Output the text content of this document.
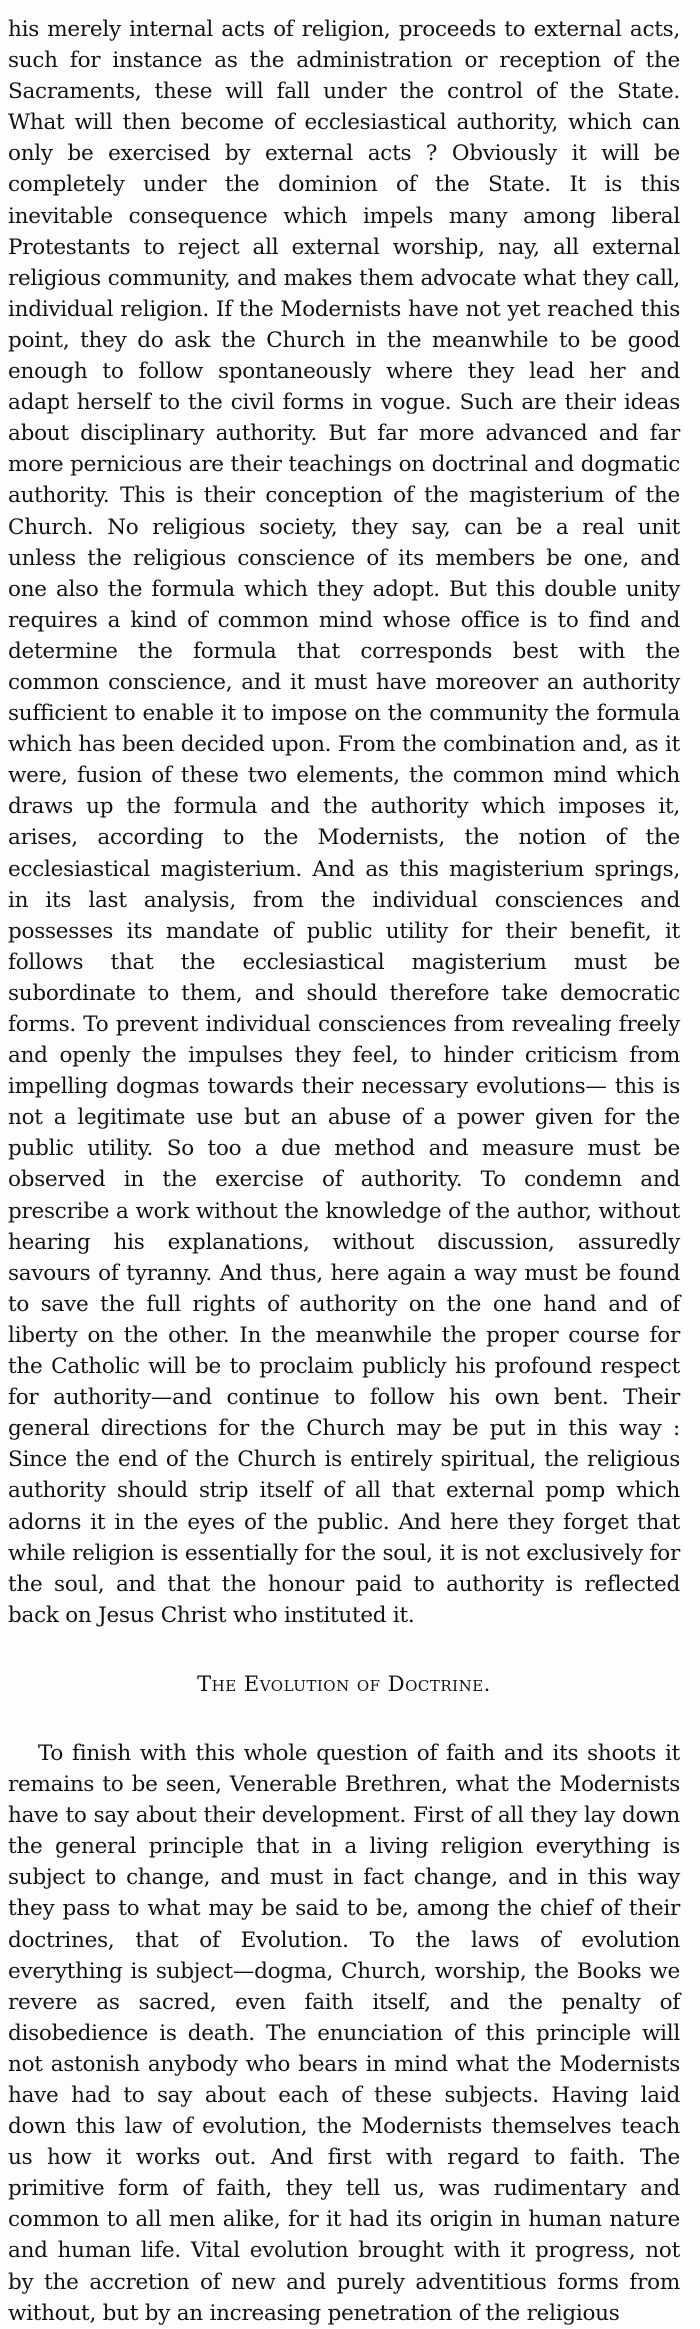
his merely internal acts of religion, proceeds to external acts, such for instance as the administration or reception of the Sacraments, these will fall under the control of the State. What will then become of ecclesiastical authority, which can only be exercised by external acts ? Obviously it will be completely under the dominion of the State. It is this inevitable consequence which impels many among liberal Protestants to reject all external worship, nay, all external religious community, and makes them advocate what they call, individual religion. If the Modernists have not yet reached this point, they do ask the Church in the meanwhile to be good enough to follow spontaneously where they lead her and adapt herself to the civil forms in vogue. Such are their ideas about disciplinary authority. But far more advanced and far more pernicious are their teachings on doctrinal and dogmatic authority. This is their conception of the magisterium of the Church. No religious society, they say, can be a real unit unless the religious conscience of its members be one, and one also the formula which they adopt. But this double unity requires a kind of common mind whose office is to find and determine the formula that corresponds best with the common conscience, and it must have moreover an authority sufficient to enable it to impose on the community the formula which has been decided upon. From the combination and, as it were, fusion of these two elements, the common mind which draws up the formula and the authority which imposes it, arises, according to the Modernists, the notion of the ecclesiastical magisterium. And as this magisterium springs, in its last analysis, from the individual consciences and possesses its mandate of public utility for their benefit, it follows that the ecclesiastical magisterium must be subordinate to them, and should therefore take democratic forms. To prevent individual consciences from revealing freely and openly the impulses they feel, to hinder criticism from impelling dogmas towards their necessary evolutions— this is not a legitimate use but an abuse of a power given for the public utility. So too a due method and measure must be observed in the exercise of authority. To condemn and prescribe a work without the knowledge of the author, without hearing his explanations, without discussion, assuredly savours of tyranny. And thus, here again a way must be found to save the full rights of authority on the one hand and of liberty on the other. In the meanwhile the proper course for the Catholic will be to proclaim publicly his profound respect for authority—and continue to follow his own bent. Their general directions for the Church may be put in this way : Since the end of the Church is entirely spiritual, the religious authority should strip itself of all that external pomp which adorns it in the eyes of the public. And here they forget that while religion is essentially for the soul, it is not exclusively for the soul, and that the honour paid to authority is reflected back on Jesus Christ who instituted it.

The Evolution of Doctrine.

To finish with this whole question of faith and its shoots it remains to be seen, Venerable Brethren, what the Modernists have to say about their development. First of all they lay down the general principle that in a living religion everything is subject to change, and must in fact change, and in this way they pass to what may be said to be, among the chief of their doctrines, that of Evolution. To the laws of evolution everything is subject—dogma, Church, worship, the Books we revere as sacred, even faith itself, and the penalty of disobedience is death. The enunciation of this principle will not astonish anybody who bears in mind what the Modernists have had to say about each of these subjects. Having laid down this law of evolution, the Modernists themselves teach us how it works out. And first with regard to faith. The primitive form of faith, they tell us, was rudimentary and common to all men alike, for it had its origin in human nature and human life. Vital evolution brought with it progress, not by the accretion of new and purely adventitious forms from without, but by an increasing penetration of the religious
